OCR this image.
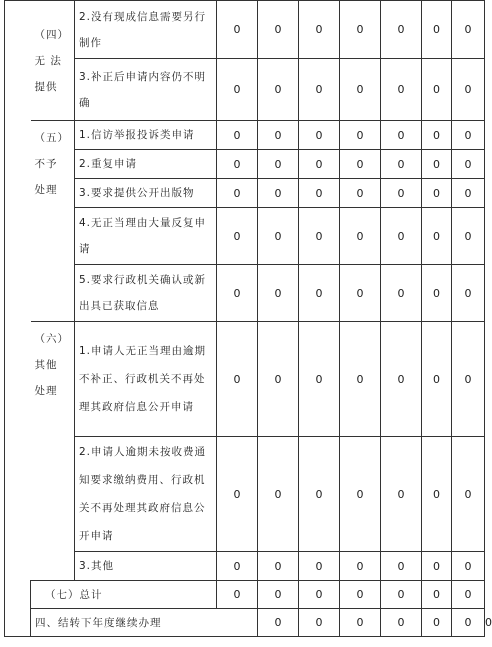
	（四）
无 法
提供	2.没有现成信息需要另行制作	0	0	0	0	0	0	0	
		3.补正后申请内容仍不明确	0	0	0	0	0	0	0	

	（五）
不予
处理	1.信访举报投诉类申请	0	0	0	0	0	0	0	
		2.重复申请	0	0	0	0	0	0	0	
		3.要求提供公开出版物	0	0	0	0	0	0	0	
		4.无正当理由大量反复申请	0	0	0	0	0	0	0	
		5.要求行政机关确认或新出具已获取信息	0	0	0	0	0	0	0	

	（六）
其他
处理	1.申请人无正当理由逾期不补正、行政机关不再处理其政府信息公开申请	0	0	0	0	0	0	0	
		2.申请人逾期未按收费通知要求缴纳费用、行政机关不再处理其政府信息公开申请	0	0	0	0	0	0	0	
		3.其他	0	0	0	0	0	0	0	
	（七）总计		0	0	0	0	0	0	0	
	四、结转下年度继续办理			0	0	0	0	0	0	0
